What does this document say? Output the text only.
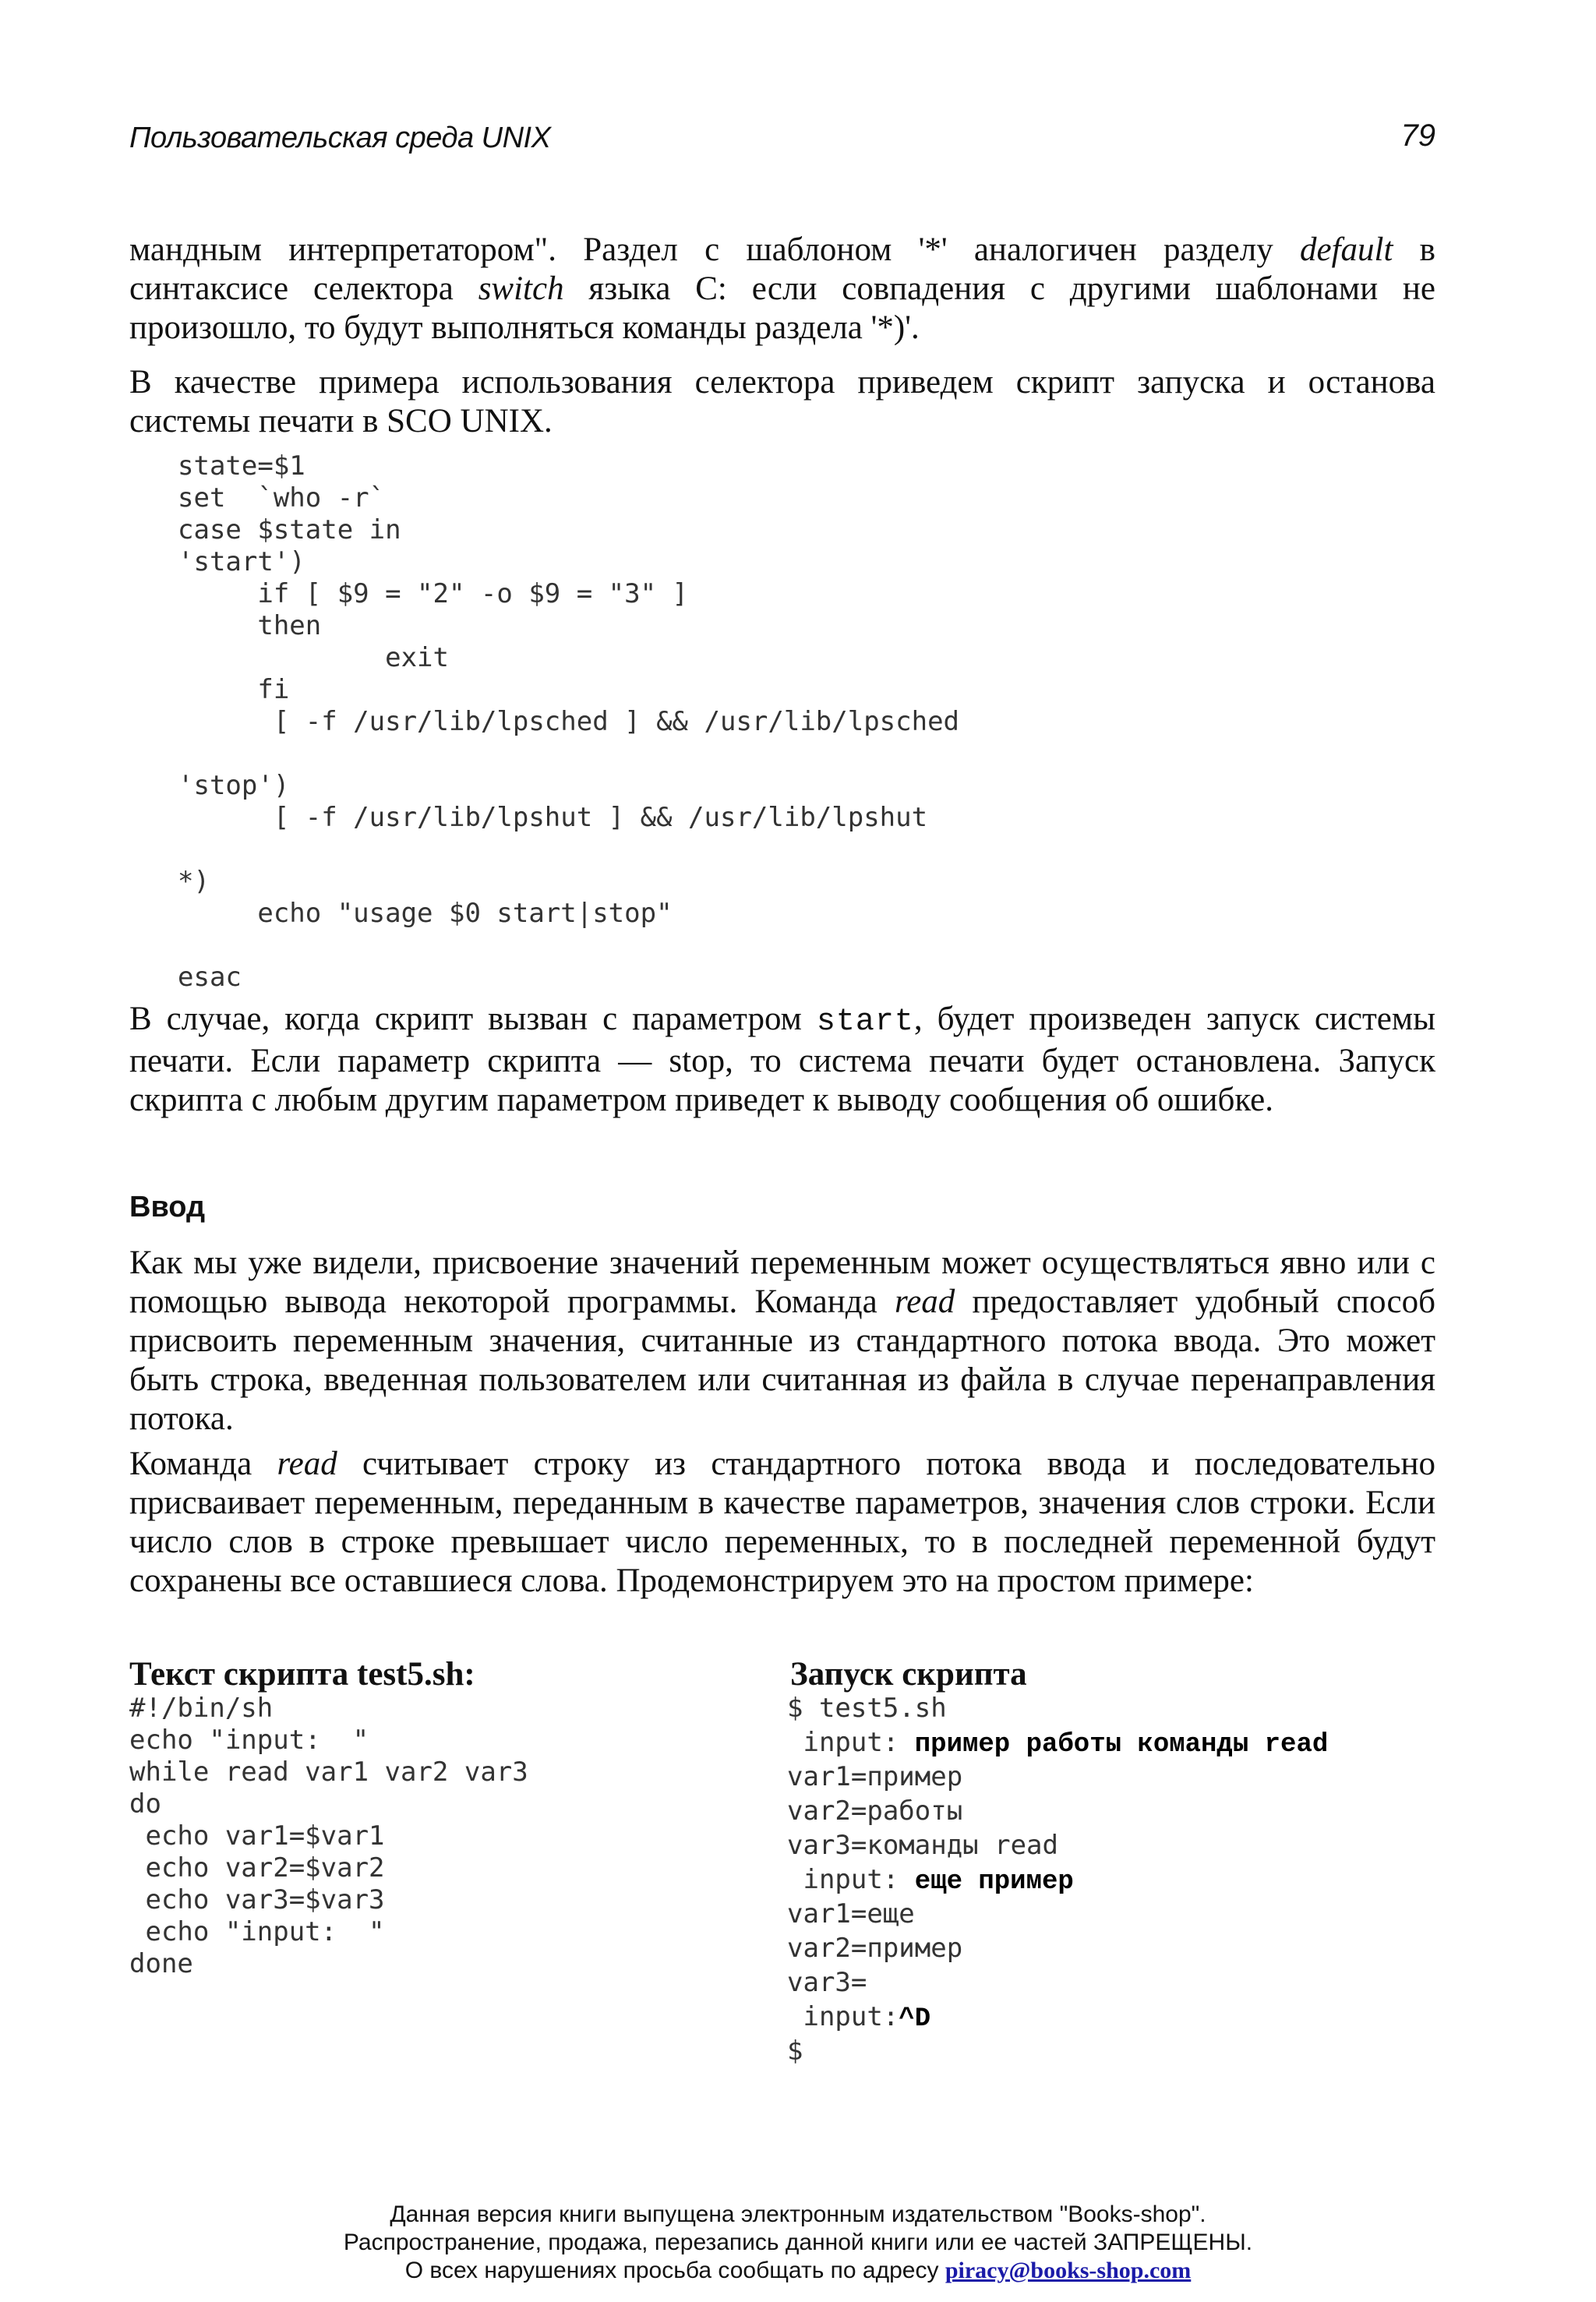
Пользовательская среда UNIX	79

мандным интерпретатором". Раздел с шаблоном '*' аналогичен разделу default в синтаксисе селектора switch языка С: если совпадения с другими шаблонами не произошло, то будут выполняться команды раздела '*)'.

В качестве примера использования селектора приведем скрипт запуска и останова системы печати в SCO UNIX.

state=$1
set  `who -r`
case $state in
'start')
if [ $9 = "2" -o $9 = "3" ]
then
exit
fi
[ -f /usr/lib/lpsched ] && /usr/lib/lpsched
'stop')
[ -f /usr/lib/lpshut ] && /usr/lib/lpshut
*)
echo "usage $0 start|stop"
esac

В случае, когда скрипт вызван с параметром start, будет произведен запуск системы печати. Если параметр скрипта — stop, то система печати будет остановлена. Запуск скрипта с любым другим параметром приведет к выводу сообщения об ошибке.

Ввод

Как мы уже видели, присвоение значений переменным может осуществляться явно или с помощью вывода некоторой программы. Команда read предоставляет удобный способ присвоить переменным значения, считанные из стандартного потока ввода. Это может быть строка, введенная пользователем или считанная из файла в случае перенаправления потока.

Команда read считывает строку из стандартного потока ввода и последовательно присваивает переменным, переданным в качестве параметров, значения слов строки. Если число слов в строке превышает число переменных, то в последней переменной будут сохранены все оставшиеся слова. Продемонстрируем это на простом примере:

Текст скрипта test5.sh:	Запуск скрипта
#!/bin/sh
echo "input:  "
while read var1 var2 var3
do
echo var1=$var1
echo var2=$var2
echo var3=$var3
echo "input:  "
done
$ test5.sh
input: пример работы команды read
var1=пример
var2=работы
var3=команды read
input: еще пример
var1=еще
var2=пример
var3=
input:^D
$
Данная версия книги выпущена электронным издательством "Books-shop".
Распространение, продажа, перезапись данной книги или ее частей ЗАПРЕЩЕНЫ.
О всех нарушениях просьба сообщать по адресу piracy@books-shop.com
